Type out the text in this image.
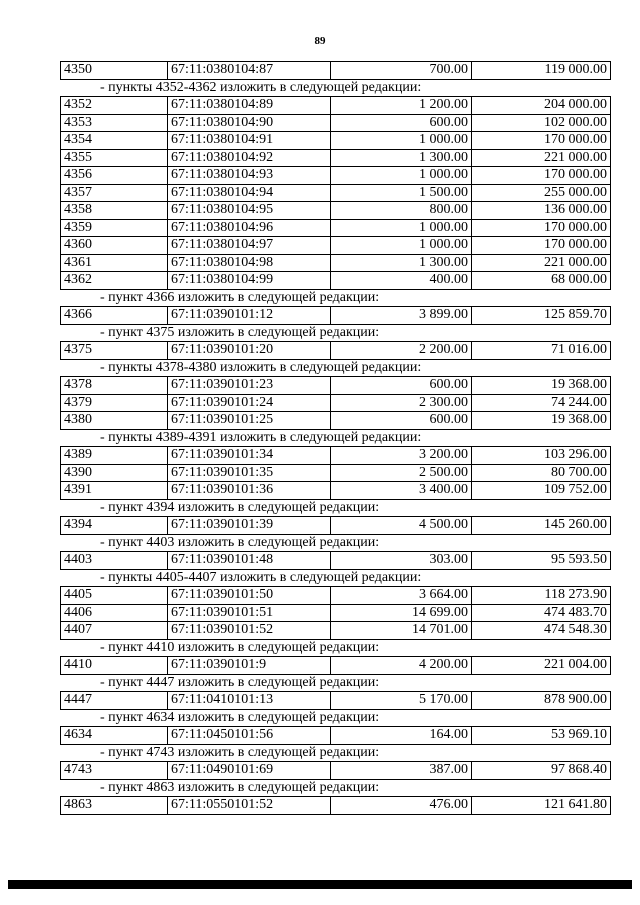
89
4350	67:11:0380104:87	700.00	119 000.00
- пункты 4352-4362 изложить в следующей редакции:
4352	67:11:0380104:89	1 200.00	204 000.00
4353	67:11:0380104:90	600.00	102 000.00
4354	67:11:0380104:91	1 000.00	170 000.00
4355	67:11:0380104:92	1 300.00	221 000.00
4356	67:11:0380104:93	1 000.00	170 000.00
4357	67:11:0380104:94	1 500.00	255 000.00
4358	67:11:0380104:95	800.00	136 000.00
4359	67:11:0380104:96	1 000.00	170 000.00
4360	67:11:0380104:97	1 000.00	170 000.00
4361	67:11:0380104:98	1 300.00	221 000.00
4362	67:11:0380104:99	400.00	68 000.00
- пункт 4366 изложить в следующей редакции:
4366	67:11:0390101:12	3 899.00	125 859.70
- пункт 4375 изложить в следующей редакции:
4375	67:11:0390101:20	2 200.00	71 016.00
- пункты 4378-4380 изложить в следующей редакции:
4378	67:11:0390101:23	600.00	19 368.00
4379	67:11:0390101:24	2 300.00	74 244.00
4380	67:11:0390101:25	600.00	19 368.00
- пункты 4389-4391 изложить в следующей редакции:
4389	67:11:0390101:34	3 200.00	103 296.00
4390	67:11:0390101:35	2 500.00	80 700.00
4391	67:11:0390101:36	3 400.00	109 752.00
- пункт 4394 изложить в следующей редакции:
4394	67:11:0390101:39	4 500.00	145 260.00
- пункт 4403 изложить в следующей редакции:
4403	67:11:0390101:48	303.00	95 593.50
- пункты 4405-4407 изложить в следующей редакции:
4405	67:11:0390101:50	3 664.00	118 273.90
4406	67:11:0390101:51	14 699.00	474 483.70
4407	67:11:0390101:52	14 701.00	474 548.30
- пункт 4410 изложить в следующей редакции:
4410	67:11:0390101:9	4 200.00	221 004.00
- пункт 4447 изложить в следующей редакции:
4447	67:11:0410101:13	5 170.00	878 900.00
- пункт 4634 изложить в следующей редакции:
4634	67:11:0450101:56	164.00	53 969.10
- пункт 4743 изложить в следующей редакции:
4743	67:11:0490101:69	387.00	97 868.40
- пункт 4863 изложить в следующей редакции:
4863	67:11:0550101:52	476.00	121 641.80
